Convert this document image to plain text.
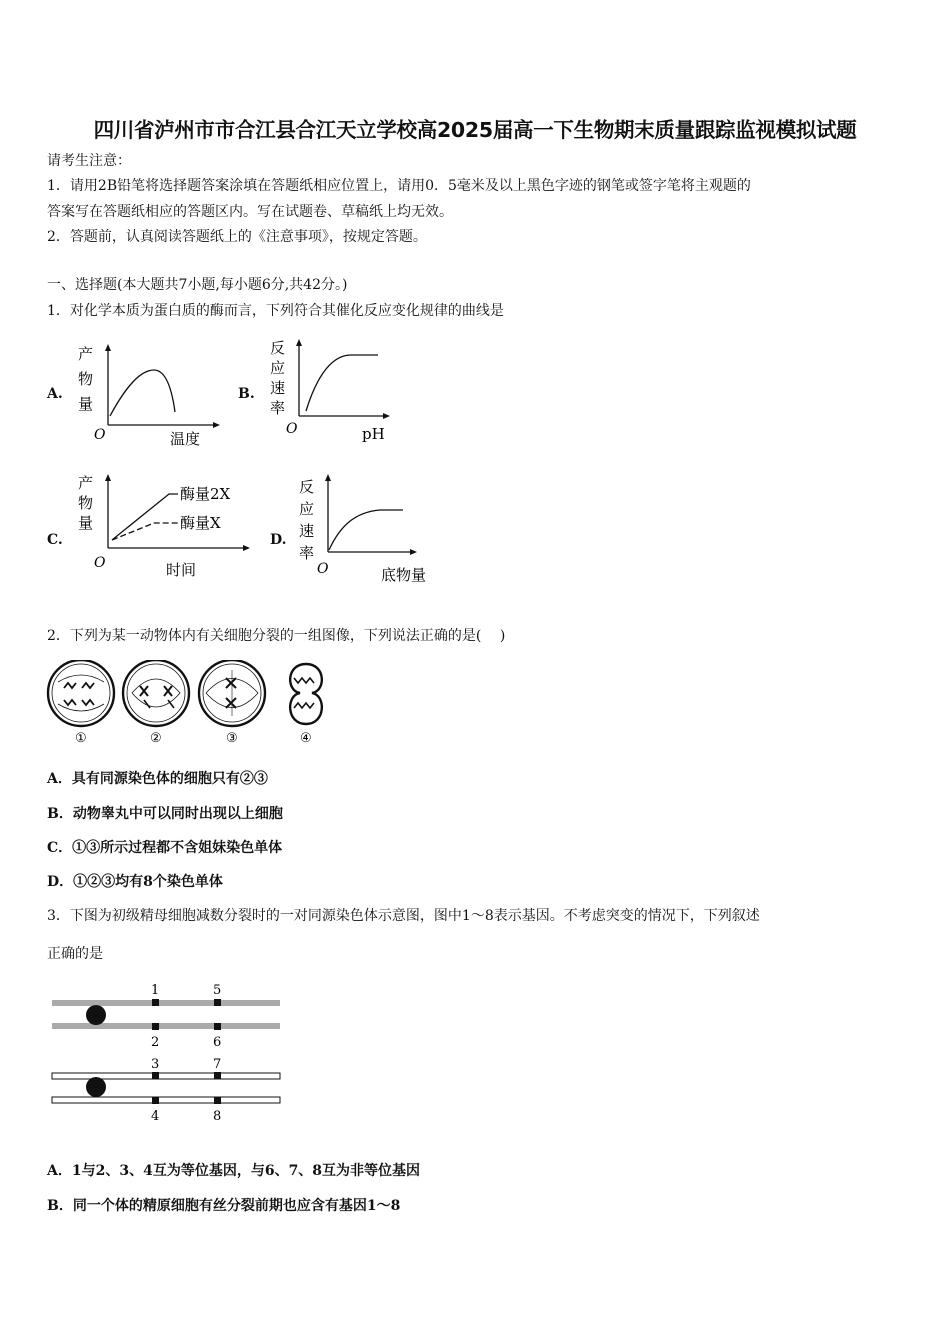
四川省泸州市市合江县合江天立学校高2025届高一下生物期末质量跟踪监视模拟试题
请考生注意：
1．请用2B铅笔将选择题答案涂填在答题纸相应位置上，请用0．5毫米及以上黑色字迹的钢笔或签字笔将主观题的
答案写在答题纸相应的答题区内。写在试题卷、草稿纸上均无效。
2．答题前，认真阅读答题纸上的《注意事项》，按规定答题。
一、选择题(本大题共7小题,每小题6分,共42分。)
1．对化学本质为蛋白质的酶而言，下列符合其催化反应变化规律的曲线是
A.	B.
C.	D.
产
物
量
O	温度
反
应
速
率
O	pH
产
物
量
酶量2X
酶量X
O	时间
反
应
速
率
O	底物量
2．下列为某一动物体内有关细胞分裂的一组图像，下列说法正确的是(　 )
①	②	③	④
A．具有同源染色体的细胞只有②③
B．动物睾丸中可以同时出现以上细胞
C．①③所示过程都不含姐妹染色单体
D．①②③均有8个染色单体
3．下图为初级精母细胞减数分裂时的一对同源染色体示意图，图中1～8表示基因。不考虑突变的情况下，下列叙述
正确的是
1	5
2	6
3	7
4	8
A．1与2、3、4互为等位基因，与6、7、8互为非等位基因
B．同一个体的精原细胞有丝分裂前期也应含有基因1～8
